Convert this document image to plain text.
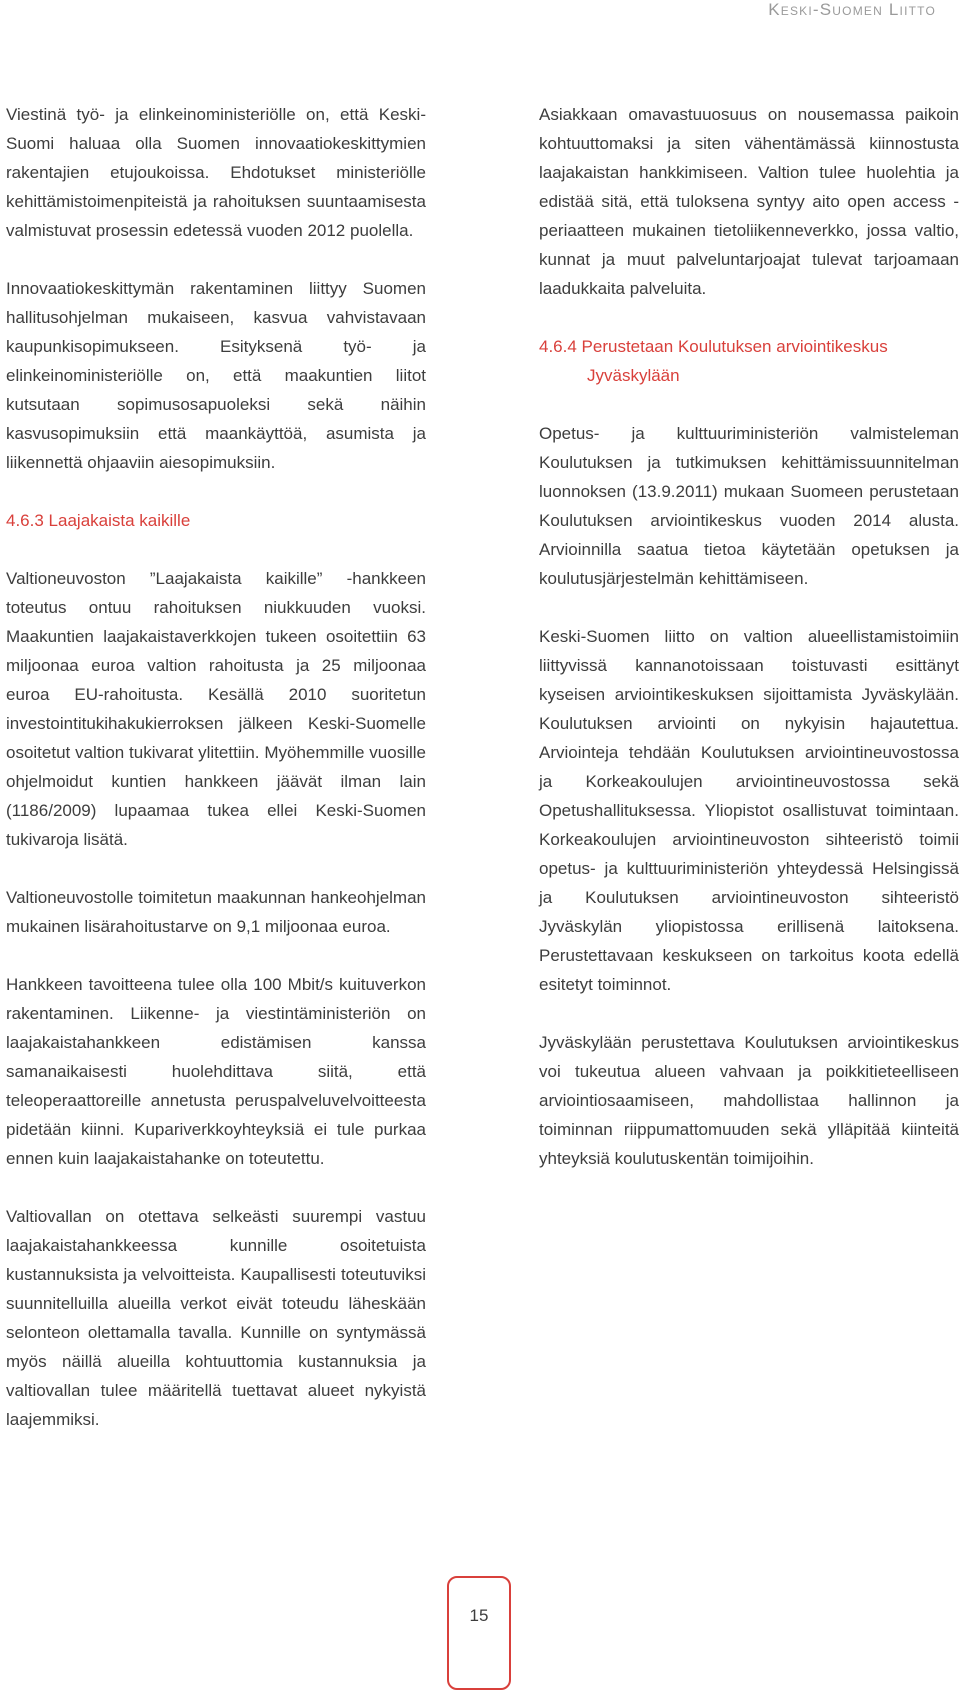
Keski-Suomen Liitto

Viestinä työ- ja elinkeinoministeriölle on, että Keski-Suomi haluaa olla Suomen innovaatiokeskittymien rakentajien etujoukoissa. Ehdotukset ministeriölle kehittämistoimenpiteistä ja rahoituksen suuntaamisesta valmistuvat prosessin edetessä vuoden 2012 puolella.

Innovaatiokeskittymän rakentaminen liittyy Suomen hallitusohjelman mukaiseen, kasvua vahvistavaan kaupunkisopimukseen. Esityksenä työ- ja elinkeinoministeriölle on, että maakuntien liitot kutsutaan sopimusosapuoleksi sekä näihin kasvusopimuksiin että maankäyttöä, asumista ja liikennettä ohjaaviin aiesopimuksiin.

4.6.3 Laajakaista kaikille

Valtioneuvoston ”Laajakaista kaikille” -hankkeen toteutus ontuu rahoituksen niukkuuden vuoksi. Maakuntien laajakaistaverkkojen tukeen osoitettiin 63 miljoonaa euroa valtion rahoitusta ja 25 miljoonaa euroa EU-rahoitusta. Kesällä 2010 suoritetun investointitukihakukierroksen jälkeen Keski-Suomelle osoitetut valtion tukivarat ylitettiin. Myöhemmille vuosille ohjelmoidut kuntien hankkeen jäävät ilman lain (1186/2009) lupaamaa tukea ellei Keski-Suomen tukivaroja lisätä.

Valtioneuvostolle toimitetun maakunnan hankeohjelman mukainen lisärahoitustarve on 9,1 miljoonaa euroa.

Hankkeen tavoitteena tulee olla 100 Mbit/s kuituverkon rakentaminen. Liikenne- ja viestintäministeriön on laajakaistahankkeen edistämisen kanssa samanaikaisesti huolehdittava siitä, että teleoperaattoreille annetusta peruspalveluvelvoitteesta pidetään kiinni. Kupariverkkoyhteyksiä ei tule purkaa ennen kuin laajakaistahanke on toteutettu.

Valtiovallan on otettava selkeästi suurempi vastuu laajakaistahankkeessa kunnille osoitetuista kustannuksista ja velvoitteista. Kaupallisesti toteutuviksi suunnitelluilla alueilla verkot eivät toteudu läheskään selonteon olettamalla tavalla. Kunnille on syntymässä myös näillä alueilla kohtuuttomia kustannuksia ja valtiovallan tulee määritellä tuettavat alueet nykyistä laajemmiksi.

Asiakkaan omavastuuosuus on nousemassa paikoin kohtuuttomaksi ja siten vähentämässä kiinnostusta laajakaistan hankkimiseen. Valtion tulee huolehtia ja edistää sitä, että tuloksena syntyy aito open access -periaatteen mukainen tietoliikenneverkko, jossa valtio, kunnat ja muut palveluntarjoajat tulevat tarjoamaan laadukkaita palveluita.

4.6.4 Perustetaan Koulutuksen arviointikeskus
Jyväskylään

Opetus- ja kulttuuriministeriön valmisteleman Koulutuksen ja tutkimuksen kehittämissuunnitelman luonnoksen (13.9.2011) mukaan Suomeen perustetaan Koulutuksen arviointikeskus vuoden 2014 alusta. Arvioinnilla saatua tietoa käytetään opetuksen ja koulutusjärjestelmän kehittämiseen.

Keski-Suomen liitto on valtion alueellistamistoimiin liittyvissä kannanotoissaan toistuvasti esittänyt kyseisen arviointikeskuksen sijoittamista Jyväskylään. Koulutuksen arviointi on nykyisin hajautettua. Arviointeja tehdään Koulutuksen arviointineuvostossa ja Korkeakoulujen arviointineuvostossa sekä Opetushallituksessa. Yliopistot osallistuvat toimintaan. Korkeakoulujen arviointineuvoston sihteeristö toimii opetus- ja kulttuuriministeriön yhteydessä Helsingissä ja Koulutuksen arviointineuvoston sihteeristö Jyväskylän yliopistossa erillisenä laitoksena. Perustettavaan keskukseen on tarkoitus koota edellä esitetyt toiminnot.

Jyväskylään perustettava Koulutuksen arviointikeskus voi tukeutua alueen vahvaan ja poikkitieteelliseen arviointiosaamiseen, mahdollistaa hallinnon ja toiminnan riippumattomuuden sekä ylläpitää kiinteitä yhteyksiä koulutuskentän toimijoihin.

15
